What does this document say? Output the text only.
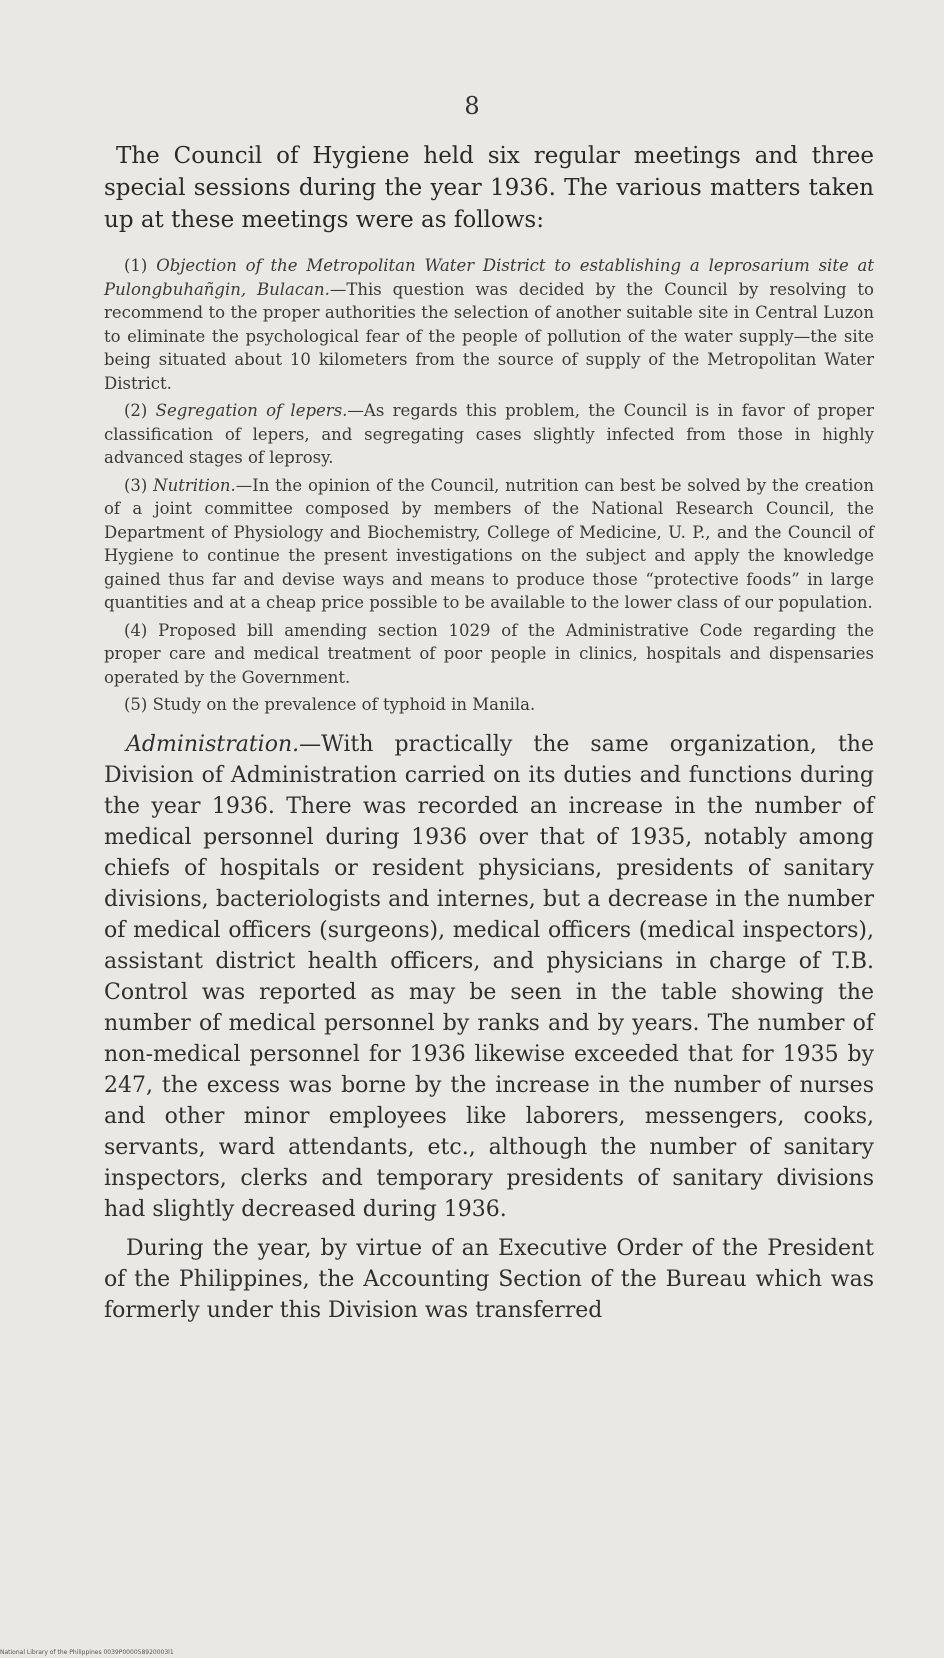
8

The Council of Hygiene held six regular meetings and three special sessions during the year 1936. The various matters taken up at these meetings were as follows:

(1) Objection of the Metropolitan Water District to establishing a leprosarium site at Pulongbuhañgin, Bulacan.—This question was decided by the Council by resolving to recommend to the proper authorities the selection of another suitable site in Central Luzon to eliminate the psychological fear of the people of pollution of the water supply—the site being situated about 10 kilometers from the source of supply of the Metropolitan Water District.

(2) Segregation of lepers.—As regards this problem, the Council is in favor of proper classification of lepers, and segregating cases slightly infected from those in highly advanced stages of leprosy.

(3) Nutrition.—In the opinion of the Council, nutrition can best be solved by the creation of a joint committee composed by members of the National Research Council, the Department of Physiology and Biochemistry, College of Medicine, U. P., and the Council of Hygiene to continue the present investigations on the subject and apply the knowledge gained thus far and devise ways and means to produce those “protective foods” in large quantities and at a cheap price possible to be available to the lower class of our population.

(4) Proposed bill amending section 1029 of the Administrative Code regarding the proper care and medical treatment of poor people in clinics, hospitals and dispensaries operated by the Government.

(5) Study on the prevalence of typhoid in Manila.

Administration.—With practically the same organization, the Division of Administration carried on its duties and functions during the year 1936. There was recorded an increase in the number of medical personnel during 1936 over that of 1935, notably among chiefs of hospitals or resident physicians, presidents of sanitary divisions, bacteriologists and internes, but a decrease in the number of medical officers (surgeons), medical officers (medical inspectors), assistant district health officers, and physicians in charge of T.B. Control was reported as may be seen in the table showing the number of medical personnel by ranks and by years. The number of non-medical personnel for 1936 likewise exceeded that for 1935 by 247, the excess was borne by the increase in the number of nurses and other minor employees like laborers, messengers, cooks, servants, ward attendants, etc., although the number of sanitary inspectors, clerks and temporary presidents of sanitary divisions had slightly decreased during 1936.

During the year, by virtue of an Executive Order of the President of the Philippines, the Accounting Section of the Bureau which was formerly under this Division was transferred

National Library of the Philippines 0039P000058920003l1
